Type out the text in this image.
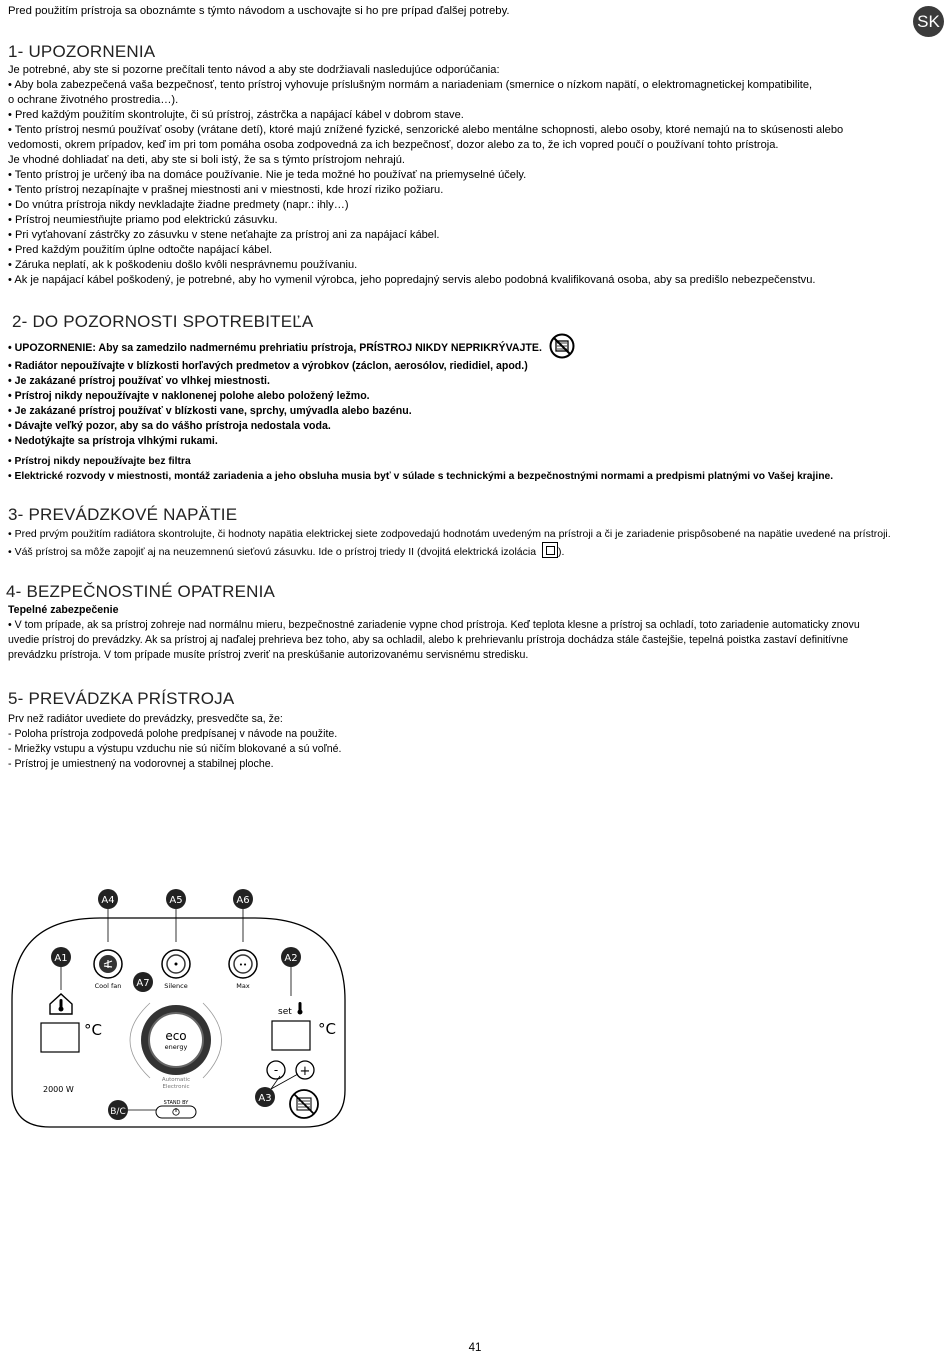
Pred použitím prístroja sa oboznámte s týmto návodom a uschovajte si ho pre prípad ďalšej potreby.
SK
1- UPOZORNENIA

Je potrebné, aby ste si pozorne prečítali tento návod a aby ste dodržiavali nasledujúce odporúčania:

• Aby bola zabezpečená vaša bezpečnosť, tento prístroj vyhovuje príslušným normám a nariadeniam (smernice o nízkom napätí, o elektromagnetickej kompatibilite,

o ochrane životného prostredia…).

• Pred každým použitím skontrolujte, či sú prístroj, zástrčka a napájací kábel v dobrom stave.

• Tento prístroj nesmú používať osoby (vrátane detí), ktoré majú znížené fyzické, senzorické alebo mentálne schopnosti, alebo osoby, ktoré nemajú na to skúsenosti alebo

vedomosti, okrem prípadov, keď im pri tom pomáha osoba zodpovedná za ich bezpečnosť, dozor alebo za to, že ich vopred poučí o používaní tohto prístroja.

Je vhodné dohliadať na deti, aby ste si boli istý, že sa s týmto prístrojom nehrajú.

• Tento prístroj je určený iba na domáce používanie. Nie je teda možné ho používať na priemyselné účely.

• Tento prístroj nezapínajte v prašnej miestnosti ani v miestnosti, kde hrozí riziko požiaru.

• Do vnútra prístroja nikdy nevkladajte žiadne predmety (napr.: ihly…)

• Prístroj neumiestňujte priamo pod elektrickú zásuvku.

• Pri vyťahovaní zástrčky zo zásuvku v stene neťahajte za prístroj ani za napájací kábel.

• Pred každým použitím úplne odtočte napájací kábel.

• Záruka neplatí, ak k poškodeniu došlo kvôli nesprávnemu používaniu.

• Ak je napájací kábel poškodený, je potrebné, aby ho vymenil výrobca, jeho popredajný servis alebo podobná kvalifikovaná osoba, aby sa predišlo nebezpečenstvu.

2- DO POZORNOSTI SPOTREBITEĽA

• UPOZORNENIE: Aby sa zamedzilo nadmernému prehriatiu prístroja, PRÍSTROJ NIKDY NEPRIKRÝVAJTE.

• Radiátor nepoužívajte v blízkosti horľavých predmetov a výrobkov (záclon, aerosólov, riedidiel, apod.)

• Je zakázané prístroj používať vo vlhkej miestnosti.

• Prístroj nikdy nepoužívajte v naklonenej polohe alebo položený ležmo.

• Je zakázané prístroj používať v blízkosti vane, sprchy, umývadla alebo bazénu.

• Dávajte veľký pozor, aby sa do vášho prístroja nedostala voda.

• Nedotýkajte sa prístroja vlhkými rukami.

• Prístroj nikdy nepoužívajte bez filtra

• Elektrické rozvody v miestnosti, montáž zariadenia a jeho obsluha musia byť v súlade s technickými a bezpečnostnými normami a predpismi platnými vo Vašej krajine.

3- PREVÁDZKOVÉ NAPÄTIE

• Pred prvým použitím radiátora skontrolujte, či hodnoty napätia elektrickej siete zodpovedajú hodnotám uvedeným na prístroji a či je zariadenie prispôsobené na napätie uvedené na prístroji.

• Váš prístroj sa môže zapojiť aj na neuzemnenú sieťovú zásuvku. Ide o prístroj triedy II (dvojitá elektrická izolácia ).

4- BEZPEČNOSTINÉ OPATRENIA

Tepelné zabezpečenie

• V tom prípade, ak sa prístroj zohreje nad normálnu mieru, bezpečnostné zariadenie vypne chod prístroja. Keď teplota klesne a prístroj sa ochladí, toto zariadenie automaticky znovu

uvedie prístroj do prevádzky. Ak sa prístroj aj naďalej prehrieva bez toho, aby sa ochladil, alebo k prehrievanlu prístroja dochádza stále častejšie, tepelná poistka zastaví definitívne

prevádzku prístroja. V tom prípade musíte prístroj zveriť na preskúšanie autorizovanému servisnému stredisku.

5- PREVÁDZKA PRÍSTROJA

Prv než radiátor uvediete do prevádzky, presvedčte sa, že:

- Poloha prístroja zodpovedá polohe predpísanej v návode na použite.

- Mriežky vstupu a výstupu vzduchu nie sú ničím blokované a sú voľné.

- Prístroj je umiestnený na vodorovnej a stabilnej ploche.

A4	A5	A6
Cool fan	Silence
••
Max
A1
°C
A2
set
°C
A7
eco
energy
Automatic
Electronic
2000 W
- +
A3
B/C
STAND BY
41
